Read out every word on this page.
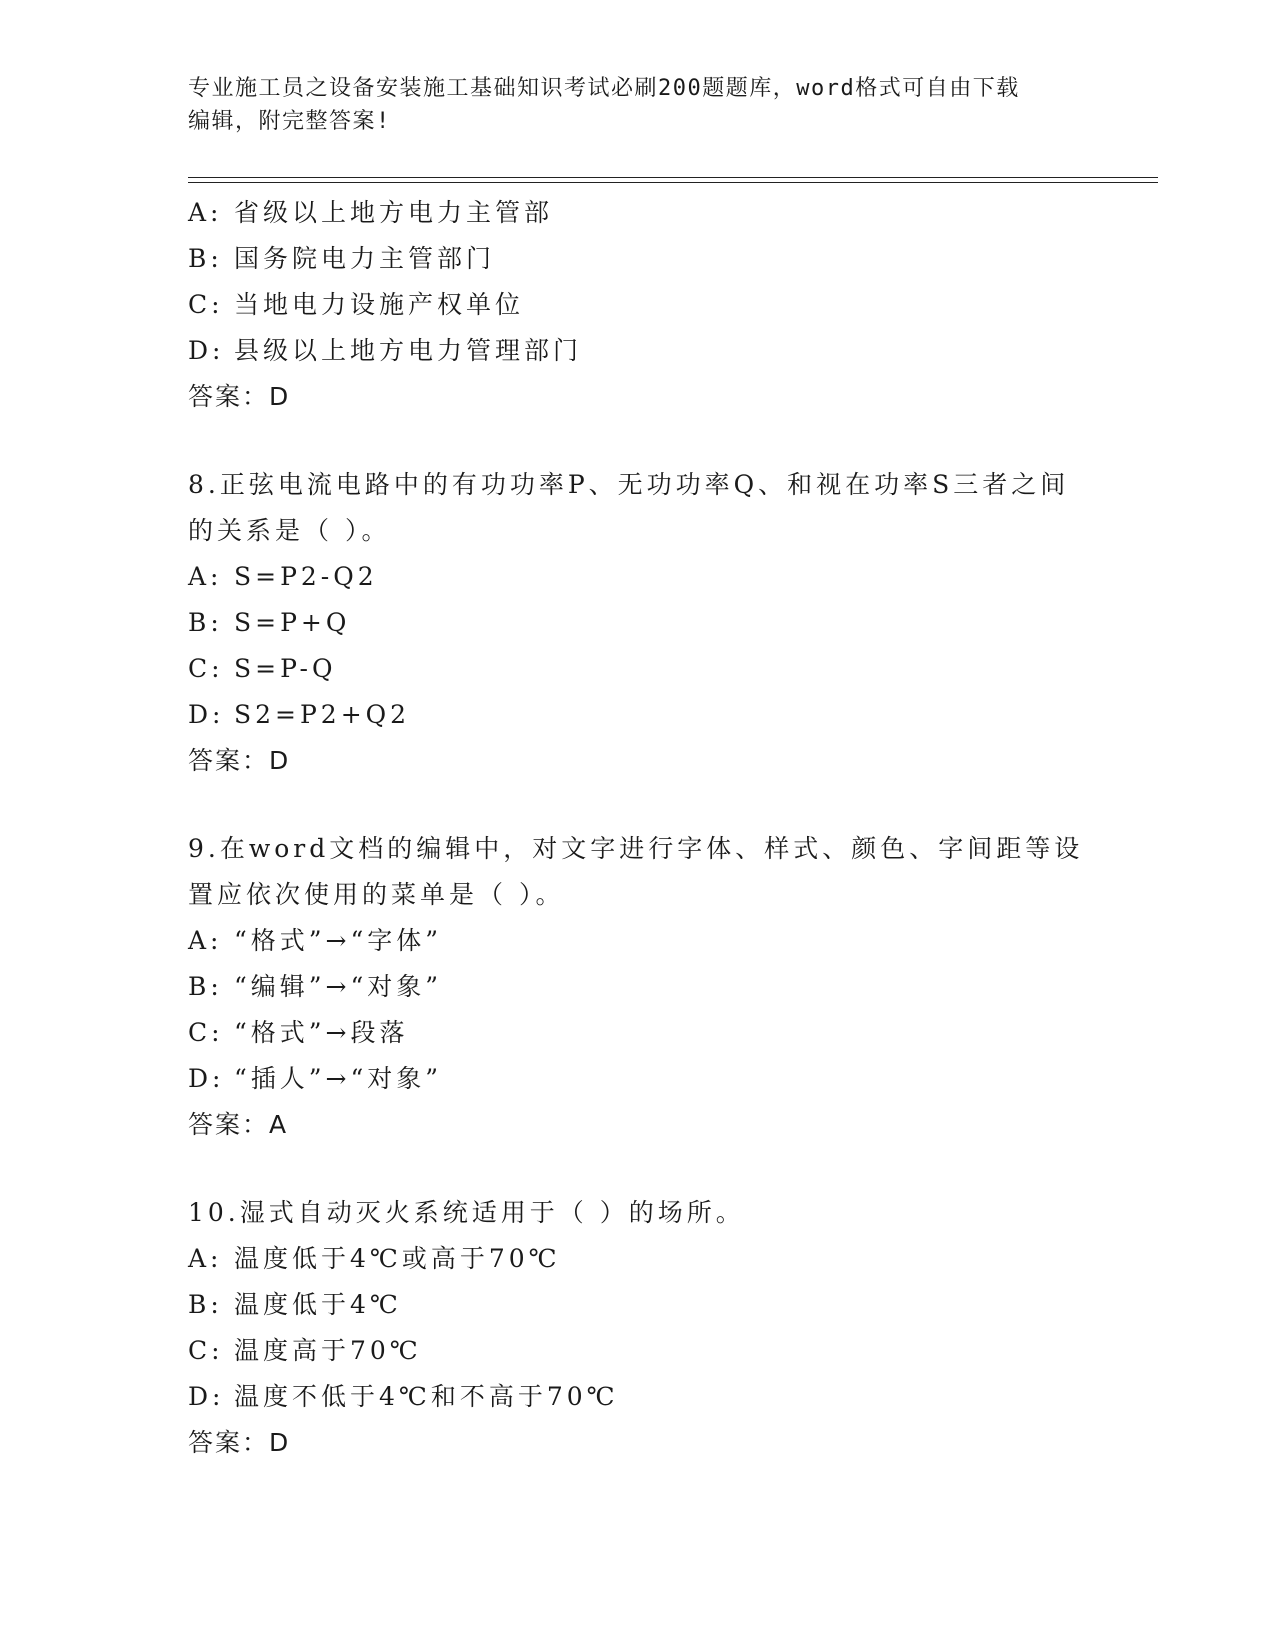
专业施工员之设备安装施工基础知识考试必刷200题题库，word格式可自由下载
编辑，附完整答案!
A: 省级以上地方电力主管部
B: 国务院电力主管部门
C: 当地电力设施产权单位
D: 县级以上地方电力管理部门
答案：D
8.正弦电流电路中的有功功率P、无功功率Q、和视在功率S三者之间
的关系是（ ）。
A: S=P2-Q2
B: S=P+Q
C: S=P-Q
D: S2=P2+Q2
答案：D
9.在word文档的编辑中，对文字进行字体、样式、颜色、字间距等设
置应依次使用的菜单是（ ）。
A: “格式”→“字体”
B: “编辑”→“对象”
C: “格式”→段落
D: “插人”→“对象”
答案：A
10.湿式自动灭火系统适用于（ ）的场所。
A: 温度低于4℃或高于70℃
B: 温度低于4℃
C: 温度高于70℃
D: 温度不低于4℃和不高于70℃
答案：D
